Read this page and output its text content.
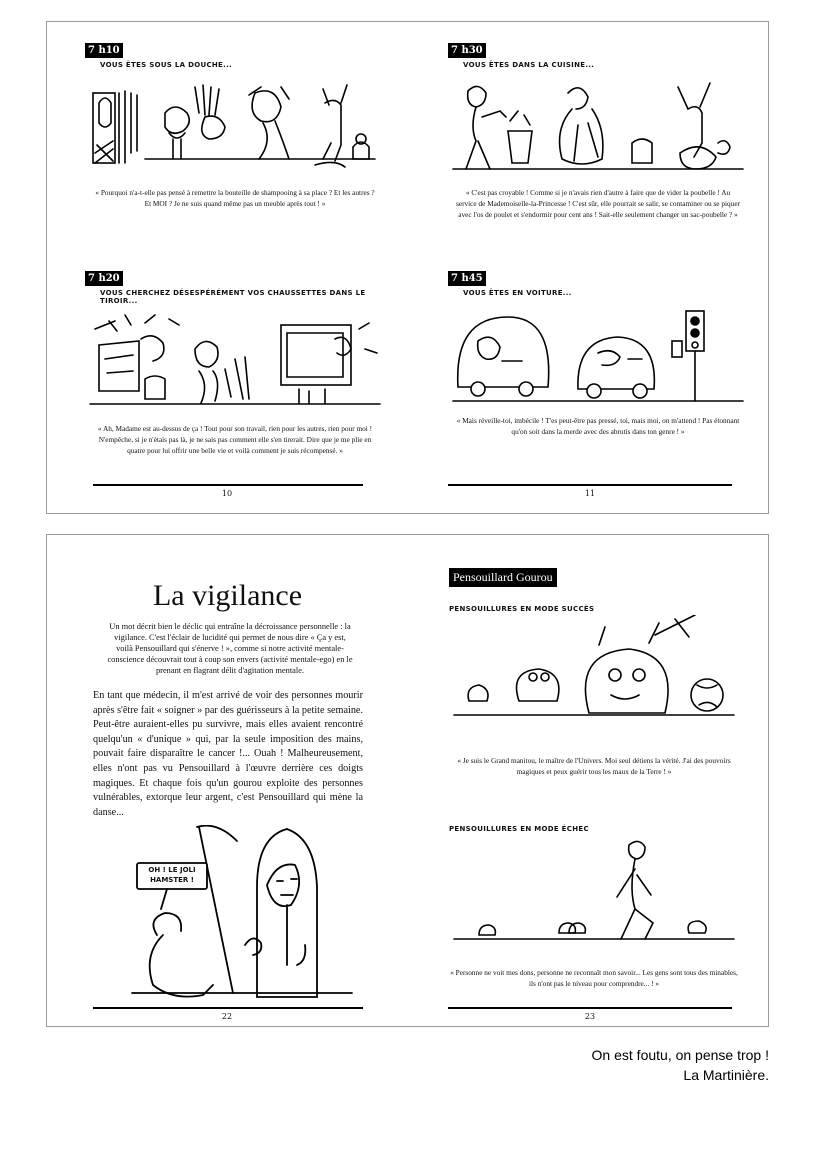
7 h10
VOUS ÊTES SOUS LA DOUCHE...
« Pourquoi n'a-t-elle pas pensé à remettre la bouteille de shampooing à sa place ? Et les autres ? Et MOI ? Je ne suis quand même pas un meuble après tout ! »
7 h20
VOUS CHERCHEZ DÉSESPÉRÉMENT VOS CHAUSSETTES DANS LE TIROIR...
« Ah, Madame est au-dessus de ça ! Tout pour son travail, rien pour les autres, rien pour moi ! N'empêche, si je n'étais pas là, je ne sais pas comment elle s'en tirerait. Dire que je me plie en quatre pour lui offrir une belle vie et voilà comment je suis récompensé. »
10
7 h30
VOUS ÊTES DANS LA CUISINE...
« C'est pas croyable ! Comme si je n'avais rien d'autre à faire que de vider la poubelle ! Au service de Mademoiselle-la-Princesse ! C'est sûr, elle pourrait se salir, se contaminer ou se piquer avec l'os de poulet et s'endormir pour cent ans ! Sait-elle seulement changer un sac-poubelle ? »
7 h45
VOUS ÊTES EN VOITURE...
« Mais réveille-toi, imbécile ! T'es peut-être pas pressé, toi, mais moi, on m'attend ! Pas étonnant qu'on soit dans la merde avec des abrutis dans ton genre ! »
11
La vigilance
Un mot décrit bien le déclic qui entraîne la décroissance personnelle : la vigilance. C'est l'éclair de lucidité qui permet de nous dire « Ça y est, voilà Pensouillard qui s'énerve ! », comme si notre activité mentale-conscience découvrait tout à coup son envers (activité mentale-ego) en le prenant en flagrant délit d'agitation mentale.
En tant que médecin, il m'est arrivé de voir des personnes mourir après s'être fait « soigner » par des guérisseurs à la petite semaine. Peut-être auraient-elles pu survivre, mais elles avaient rencontré quelqu'un « d'unique » qui, par la seule imposition des mains, pouvait faire disparaître le cancer !... Ouah ! Malheureusement, elles n'ont pas vu Pensouillard à l'œuvre derrière ces doigts magiques. Et chaque fois qu'un gourou exploite des personnes vulnérables, extorque leur argent, c'est Pensouillard qui mène la danse...
OH ! LE JOLI HAMSTER !
22
Pensouillard Gourou
PENSOUILLURES EN MODE SUCCÈS
« Je suis le Grand manitou, le maître de l'Univers. Moi seul détiens la vérité. J'ai des pouvoirs magiques et peux guérir tous les maux de la Terre ! »
PENSOUILLURES EN MODE ÉCHEC
« Personne ne voit mes dons, personne ne reconnaît mon savoir... Les gens sont tous des minables, ils n'ont pas le niveau pour comprendre... ! »
23
On est foutu, on pense trop !
La Martinière.
